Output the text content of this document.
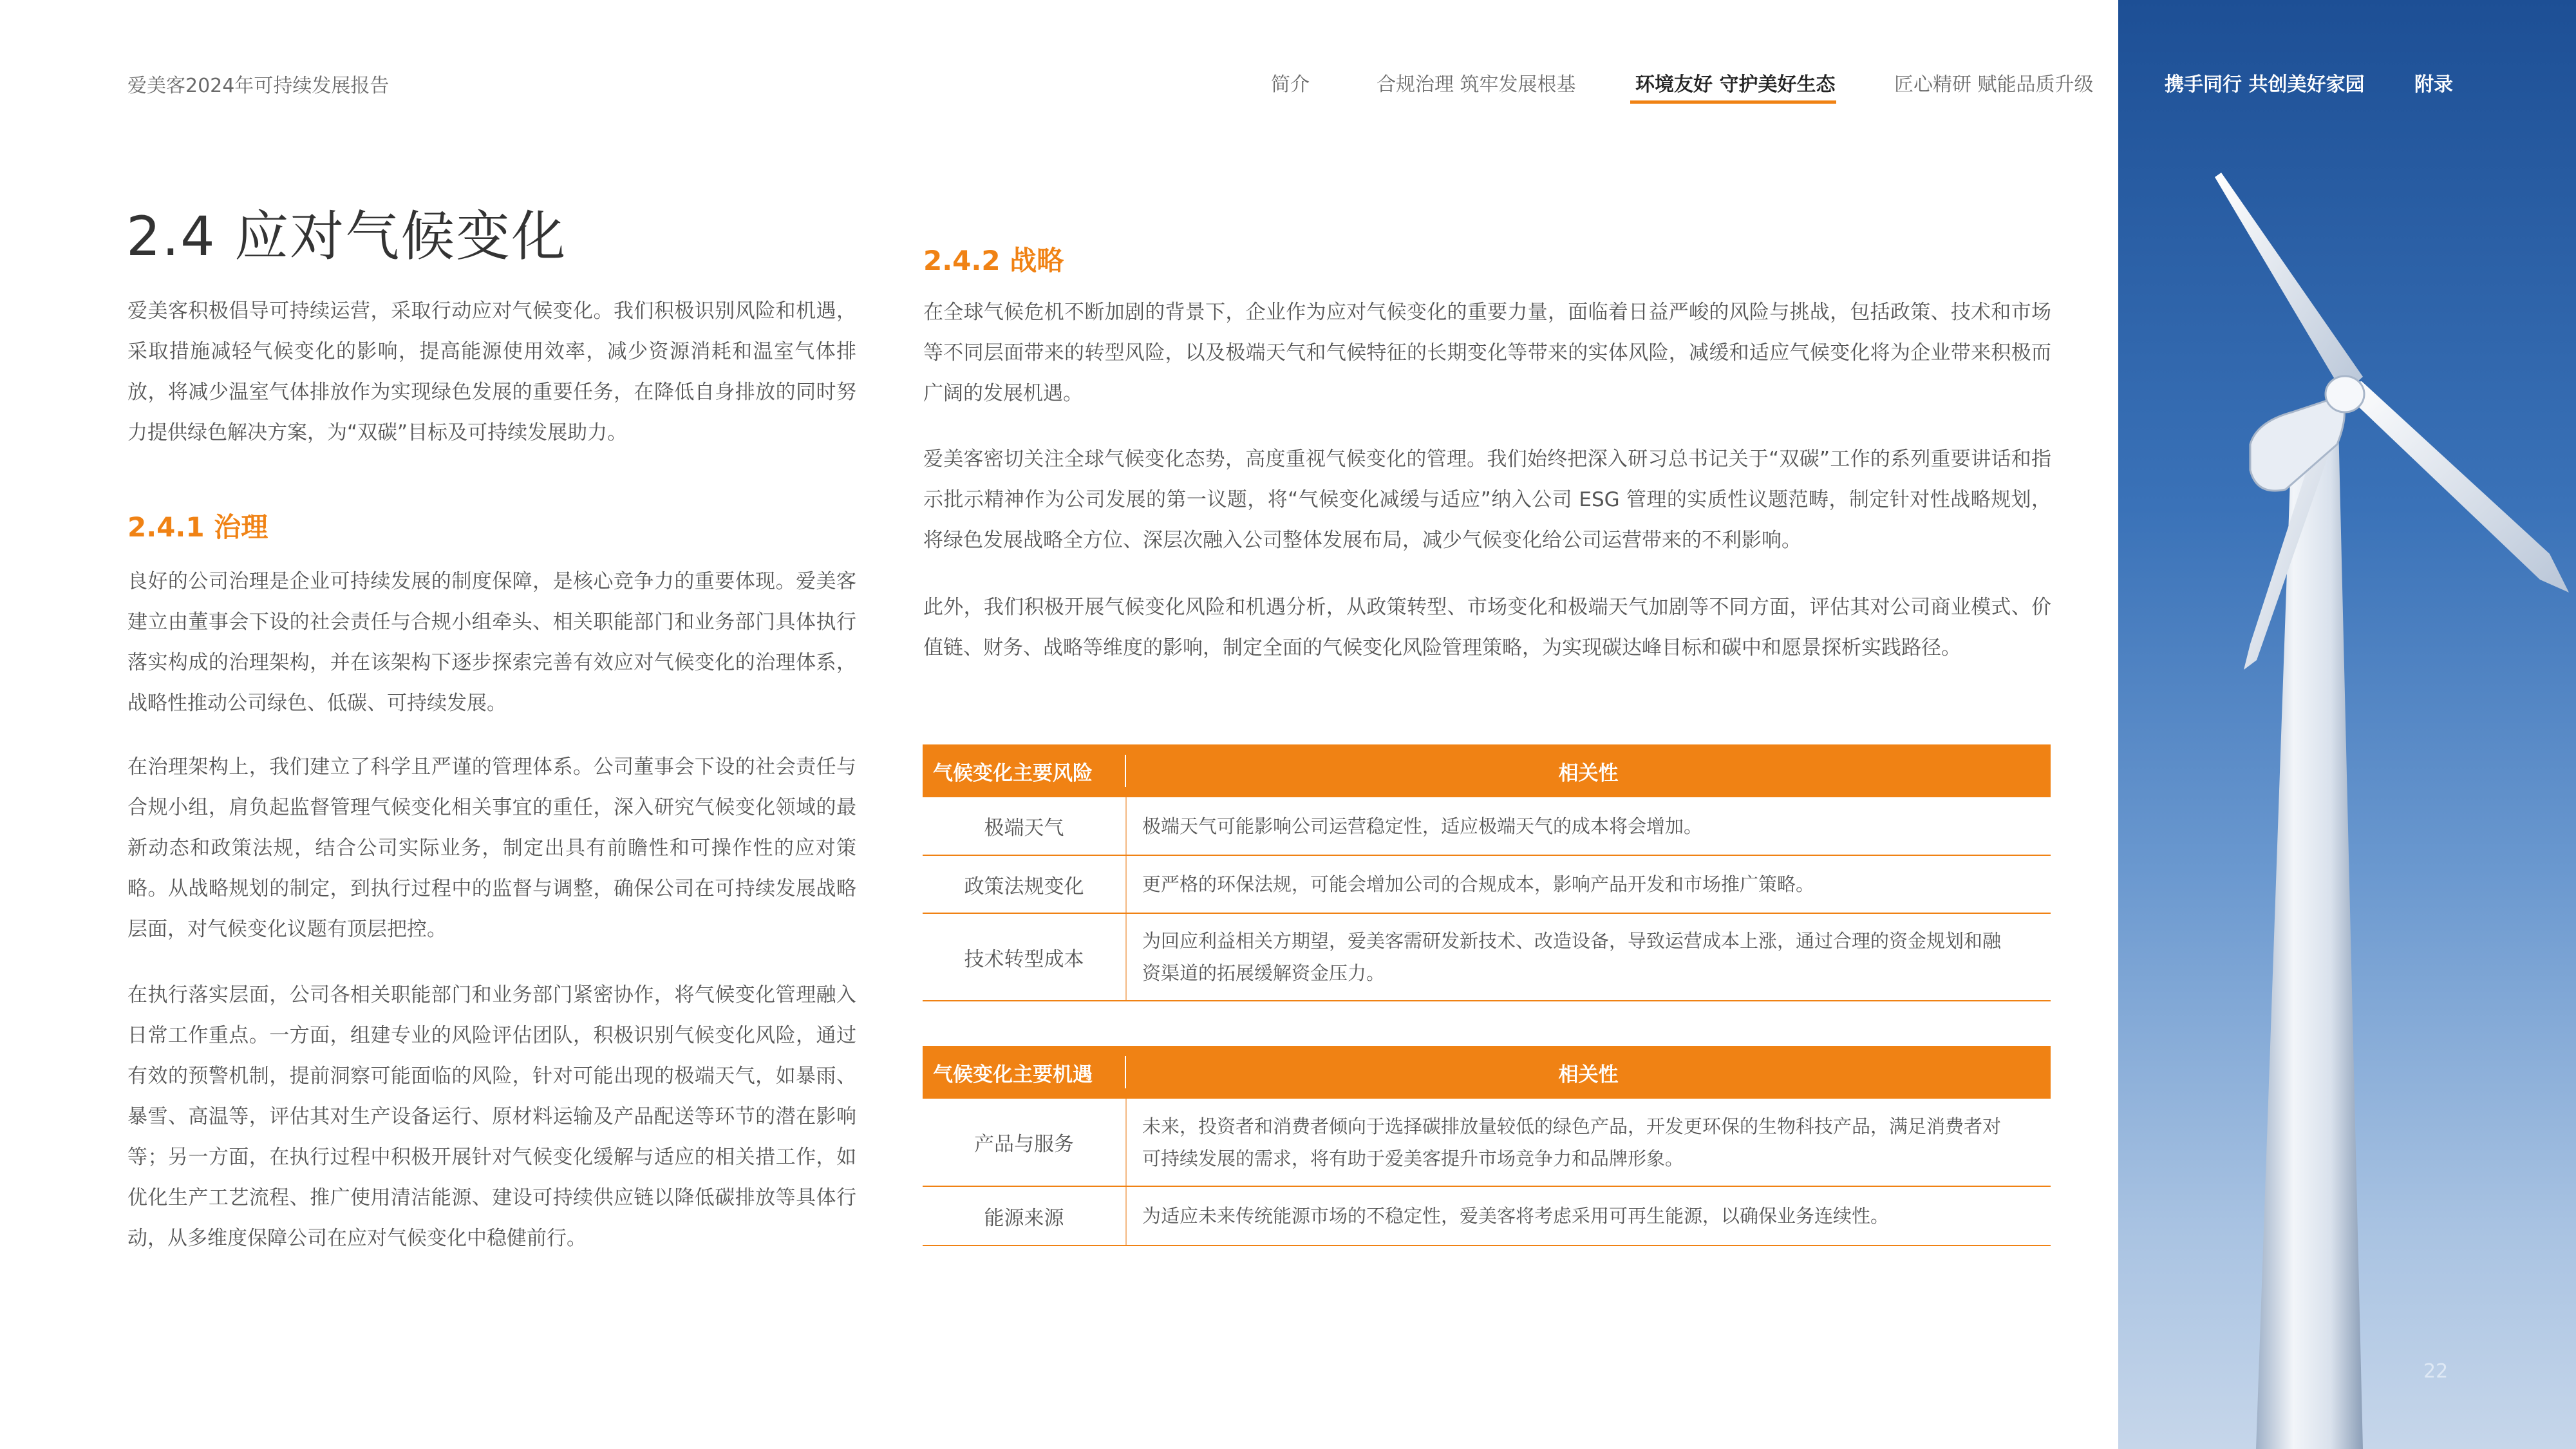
爱美客2024年可持续发展报告	简介	合规治理 筑牢发展根基	环境友好 守护美好生态	匠心精研 赋能品质升级
2.4 应对气候变化

爱美客积极倡导可持续运营，采取行动应对气候变化。我们积极识别风险和机遇，采取措施减轻气候变化的影响，提高能源使用效率，减少资源消耗和温室气体排放，将减少温室气体排放作为实现绿色发展的重要任务，在降低自身排放的同时努力提供绿色解决方案，为“双碳”目标及可持续发展助力。

2.4.1 治理

良好的公司治理是企业可持续发展的制度保障，是核心竞争力的重要体现。爱美客建立由董事会下设的社会责任与合规小组牵头、相关职能部门和业务部门具体执行落实构成的治理架构，并在该架构下逐步探索完善有效应对气候变化的治理体系，战略性推动公司绿色、低碳、可持续发展。

在治理架构上，我们建立了科学且严谨的管理体系。公司董事会下设的社会责任与合规小组，肩负起监督管理气候变化相关事宜的重任，深入研究气候变化领域的最新动态和政策法规，结合公司实际业务，制定出具有前瞻性和可操作性的应对策略。从战略规划的制定，到执行过程中的监督与调整，确保公司在可持续发展战略层面，对气候变化议题有顶层把控。

在执行落实层面，公司各相关职能部门和业务部门紧密协作，将气候变化管理融入日常工作重点。一方面，组建专业的风险评估团队，积极识别气候变化风险，通过有效的预警机制，提前洞察可能面临的风险，针对可能出现的极端天气，如暴雨、暴雪、高温等，评估其对生产设备运行、原材料运输及产品配送等环节的潜在影响等；另一方面，在执行过程中积极开展针对气候变化缓解与适应的相关措工作，如优化生产工艺流程、推广使用清洁能源、建设可持续供应链以降低碳排放等具体行动，从多维度保障公司在应对气候变化中稳健前行。

2.4.2 战略

在全球气候危机不断加剧的背景下，企业作为应对气候变化的重要力量，面临着日益严峻的风险与挑战，包括政策、技术和市场等不同层面带来的转型风险，以及极端天气和气候特征的长期变化等带来的实体风险，减缓和适应气候变化将为企业带来积极而广阔的发展机遇。

爱美客密切关注全球气候变化态势，高度重视气候变化的管理。我们始终把深入研习总书记关于“双碳”工作的系列重要讲话和指示批示精神作为公司发展的第一议题，将“气候变化减缓与适应”纳入公司 ESG 管理的实质性议题范畴，制定针对性战略规划，将绿色发展战略全方位、深层次融入公司整体发展布局，减少气候变化给公司运营带来的不利影响。

此外，我们积极开展气候变化风险和机遇分析，从政策转型、市场变化和极端天气加剧等不同方面，评估其对公司商业模式、价值链、财务、战略等维度的影响，制定全面的气候变化风险管理策略，为实现碳达峰目标和碳中和愿景探析实践路径。

气候变化主要风险	相关性
极端天气	极端天气可能影响公司运营稳定性，适应极端天气的成本将会增加。
政策法规变化	更严格的环保法规，可能会增加公司的合规成本，影响产品开发和市场推广策略。
技术转型成本	为回应利益相关方期望，爱美客需研发新技术、改造设备，导致运营成本上涨，通过合理的资金规划和融资渠道的拓展缓解资金压力。
气候变化主要机遇	相关性
产品与服务	未来，投资者和消费者倾向于选择碳排放量较低的绿色产品，开发更环保的生物科技产品，满足消费者对可持续发展的需求，将有助于爱美客提升市场竞争力和品牌形象。
能源来源	为适应未来传统能源市场的不稳定性，爱美客将考虑采用可再生能源，以确保业务连续性。
携手同行 共创美好家园	附录
22
